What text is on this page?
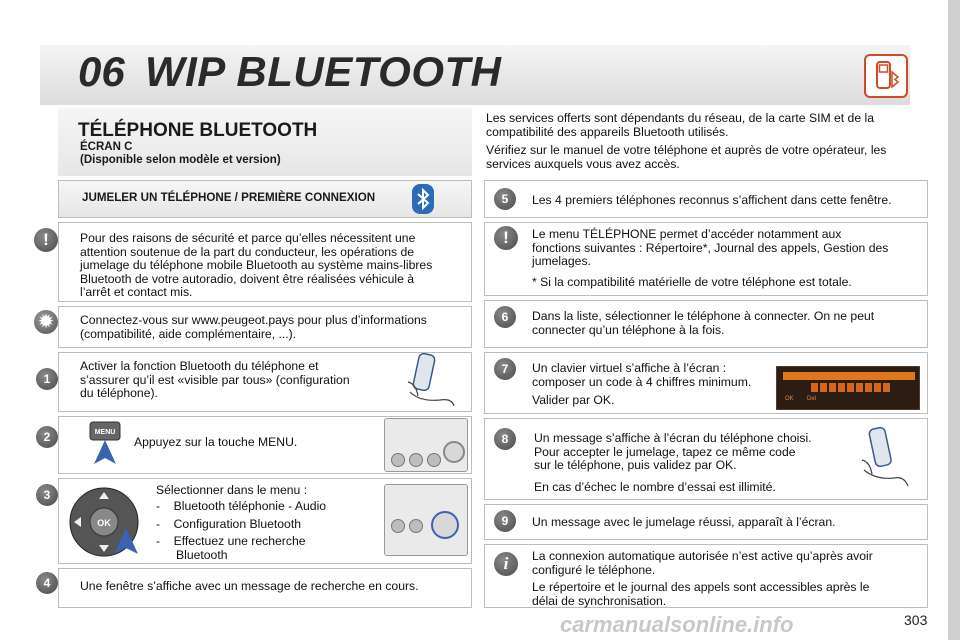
06 WIP BLUETOOTH
TÉLÉPHONE BLUETOOTH
ÉCRAN C
(Disponible selon modèle et version)
JUMELER UN TÉLÉPHONE / PREMIÈRE CONNEXION
!	Pour des raisons de sécurité et parce qu’elles nécessitent une
attention soutenue de la part du conducteur, les opérations de
jumelage du téléphone mobile Bluetooth au système mains-libres
Bluetooth de votre autoradio, doivent être réalisées véhicule à
l’arrêt et contact mis.
✹	Connectez-vous sur www.peugeot.pays pour plus d’informations
(compatibilité, aide complémentaire, ...).
1
Activer la fonction Bluetooth du téléphone et
s’assurer qu’il est «visible par tous» (configuration
du téléphone).
2	MENU
Appuyez sur la touche MENU.
3
OK
Sélectionner dans le menu :
-    Bluetooth téléphonie - Audio
-    Configuration Bluetooth
-    Effectuez une recherche
Bluetooth
4	Une fenêtre s’affiche avec un message de recherche en cours.
Les services offerts sont dépendants du réseau, de la carte SIM et de la
compatibilité des appareils Bluetooth utilisés.
Vérifiez sur le manuel de votre téléphone et auprès de votre opérateur, les
services auxquels vous avez accès.
5	Les 4 premiers téléphones reconnus s’affichent dans cette fenêtre.
!	Le menu TÉLÉPHONE permet d’accéder notamment aux
fonctions suivantes : Répertoire*, Journal des appels, Gestion des
jumelages.
* Si la compatibilité matérielle de votre téléphone est totale.
6	Dans la liste, sélectionner le téléphone à connecter. On ne peut
connecter qu’un téléphone à la fois.
7	Un clavier virtuel s’affiche à l’écran :
composer un code à 4 chiffres minimum.
Valider par OK.	OK Del
8	Un message s’affiche à l’écran du téléphone choisi.
Pour accepter le jumelage, tapez ce même code
sur le téléphone, puis validez par OK.
En cas d’échec le nombre d’essai est illimité.
9	Un message avec le jumelage réussi, apparaît à l’écran.
i	La connexion automatique autorisée n’est active qu’après avoir
configuré le téléphone.
Le répertoire et le journal des appels sont accessibles après le
délai de synchronisation.
carmanualsonline.info	303
